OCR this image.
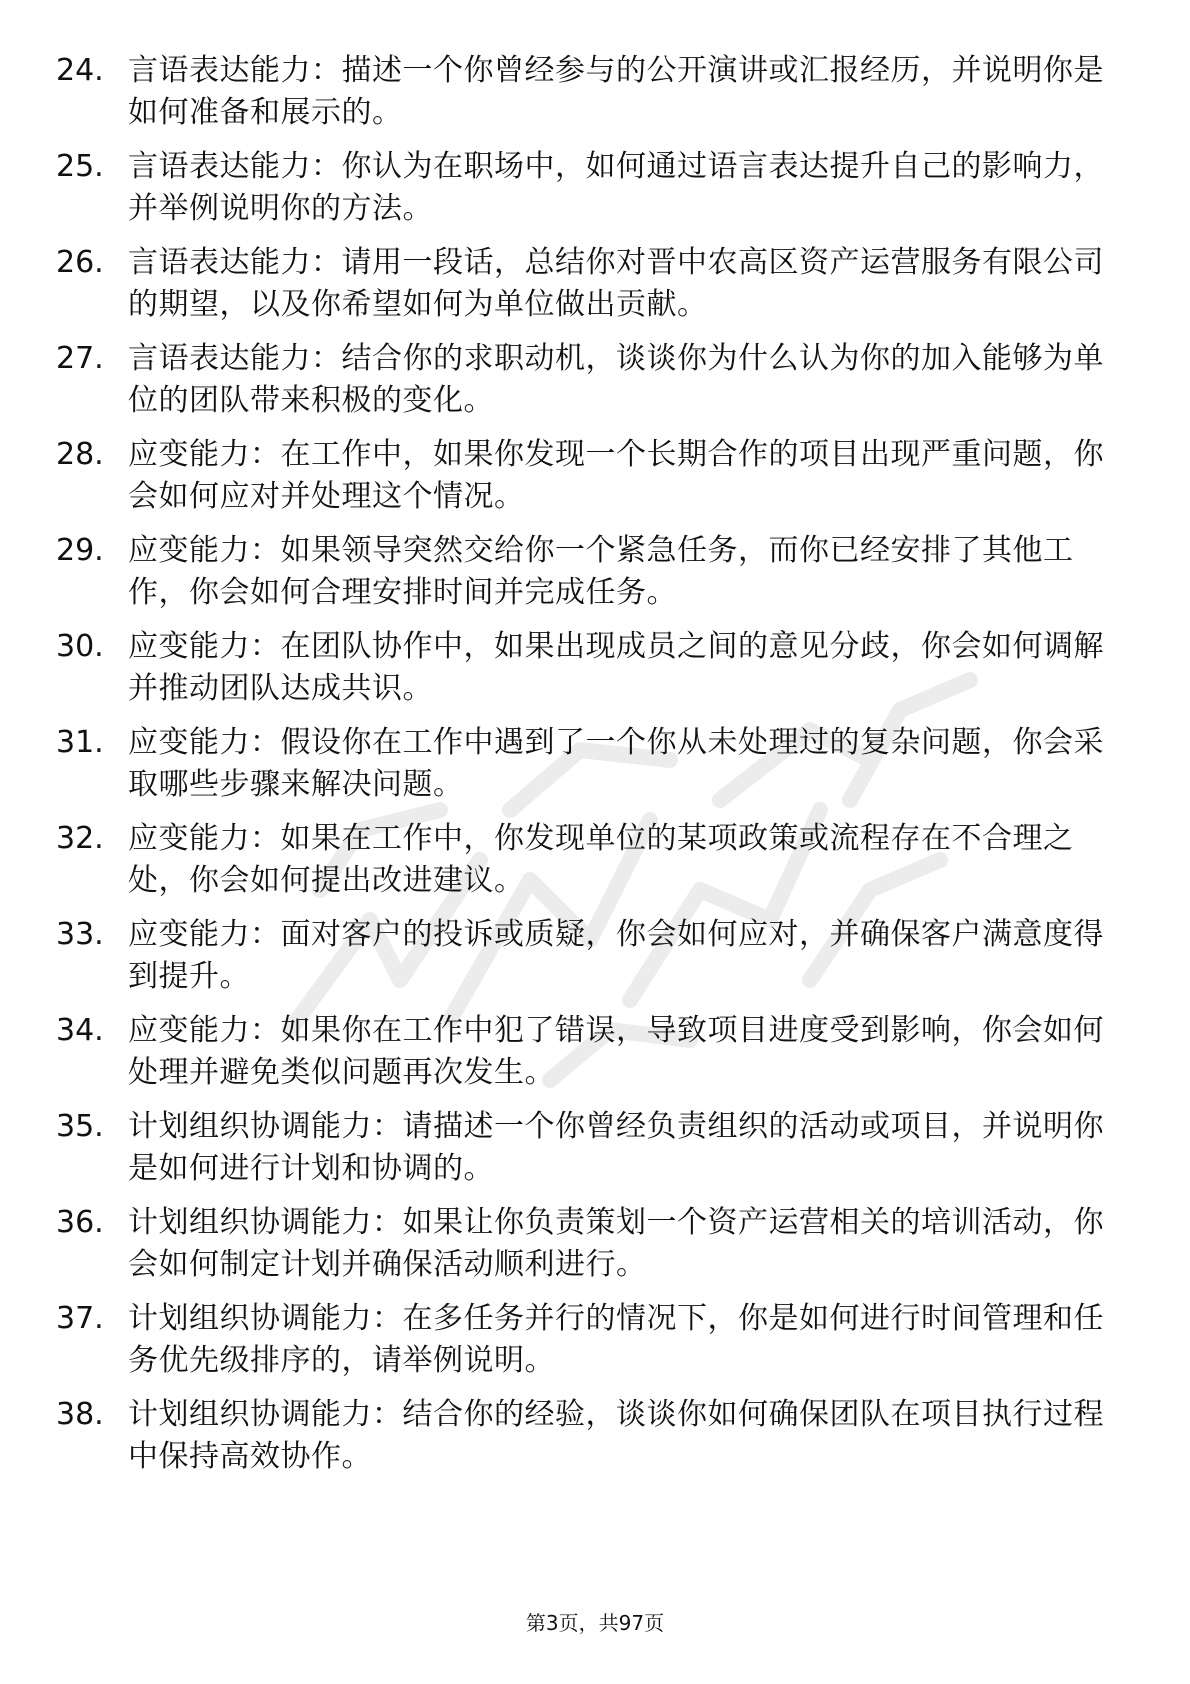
24. 言语表达能力：描述一个你曾经参与的公开演讲或汇报经历，并说明你是如何准备和展示的。
25. 言语表达能力：你认为在职场中，如何通过语言表达提升自己的影响力，并举例说明你的方法。
26. 言语表达能力：请用一段话，总结你对晋中农高区资产运营服务有限公司的期望，以及你希望如何为单位做出贡献。
27. 言语表达能力：结合你的求职动机，谈谈你为什么认为你的加入能够为单位的团队带来积极的变化。
28. 应变能力：在工作中，如果你发现一个长期合作的项目出现严重问题，你会如何应对并处理这个情况。
29. 应变能力：如果领导突然交给你一个紧急任务，而你已经安排了其他工作，你会如何合理安排时间并完成任务。
30. 应变能力：在团队协作中，如果出现成员之间的意见分歧，你会如何调解并推动团队达成共识。
31. 应变能力：假设你在工作中遇到了一个你从未处理过的复杂问题，你会采取哪些步骤来解决问题。
32. 应变能力：如果在工作中，你发现单位的某项政策或流程存在不合理之处，你会如何提出改进建议。
33. 应变能力：面对客户的投诉或质疑，你会如何应对，并确保客户满意度得到提升。
34. 应变能力：如果你在工作中犯了错误，导致项目进度受到影响，你会如何处理并避免类似问题再次发生。
35. 计划组织协调能力：请描述一个你曾经负责组织的活动或项目，并说明你是如何进行计划和协调的。
36. 计划组织协调能力：如果让你负责策划一个资产运营相关的培训活动，你会如何制定计划并确保活动顺利进行。
37. 计划组织协调能力：在多任务并行的情况下，你是如何进行时间管理和任务优先级排序的，请举例说明。
38. 计划组织协调能力：结合你的经验，谈谈你如何确保团队在项目执行过程中保持高效协作。
第3页，共97页
